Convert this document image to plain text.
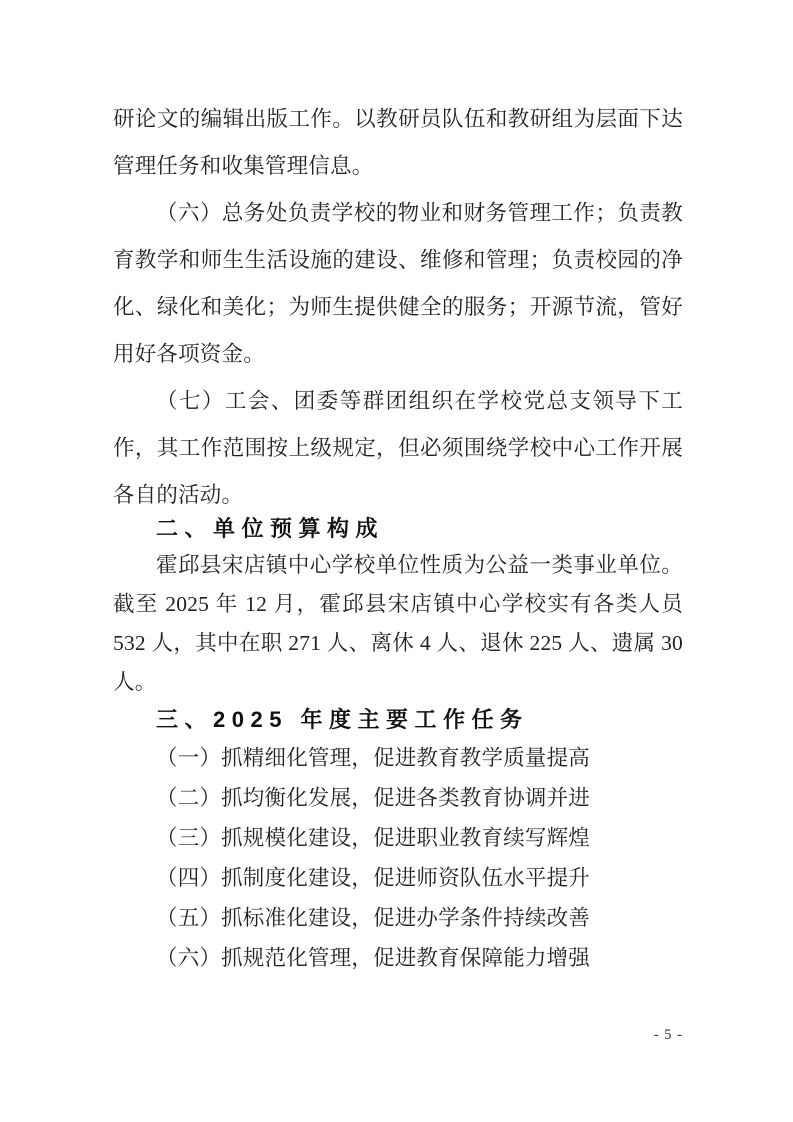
研论文的编辑出版工作。以教研员队伍和教研组为层面下达管理任务和收集管理信息。

（六）总务处负责学校的物业和财务管理工作；负责教育教学和师生生活设施的建设、维修和管理；负责校园的净化、绿化和美化；为师生提供健全的服务；开源节流，管好用好各项资金。

（七）工会、团委等群团组织在学校党总支领导下工作，其工作范围按上级规定，但必须围绕学校中心工作开展各自的活动。

二、单位预算构成

霍邱县宋店镇中心学校单位性质为公益一类事业单位。截至 2025 年 12 月，霍邱县宋店镇中心学校实有各类人员532 人，其中在职 271 人、离休 4 人、退休 225 人、遗属 30 人。

三、2025 年度主要工作任务

（一）抓精细化管理，促进教育教学质量提高

（二）抓均衡化发展，促进各类教育协调并进

（三）抓规模化建设，促进职业教育续写辉煌

（四）抓制度化建设，促进师资队伍水平提升

（五）抓标准化建设，促进办学条件持续改善

（六）抓规范化管理，促进教育保障能力增强

- 5 -
